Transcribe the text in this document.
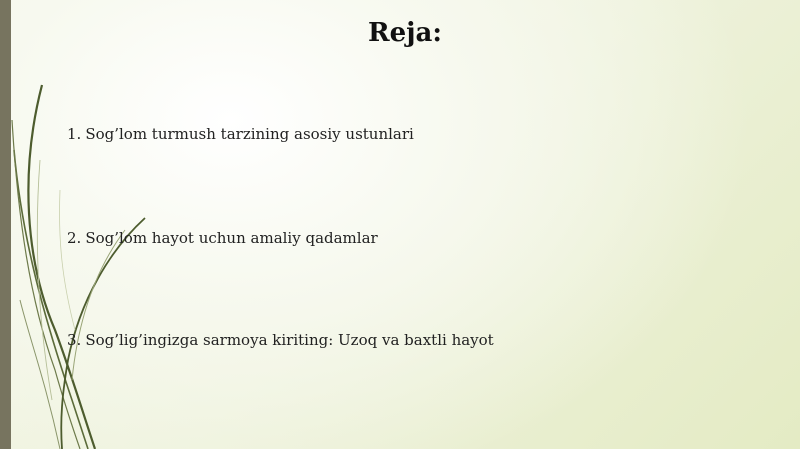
Reja:
1. Sog’lom turmush tarzining asosiy ustunlari
2. Sog’lom hayot uchun amaliy qadamlar
3. Sog’lig’ingizga sarmoya kiriting: Uzoq va baxtli hayot
